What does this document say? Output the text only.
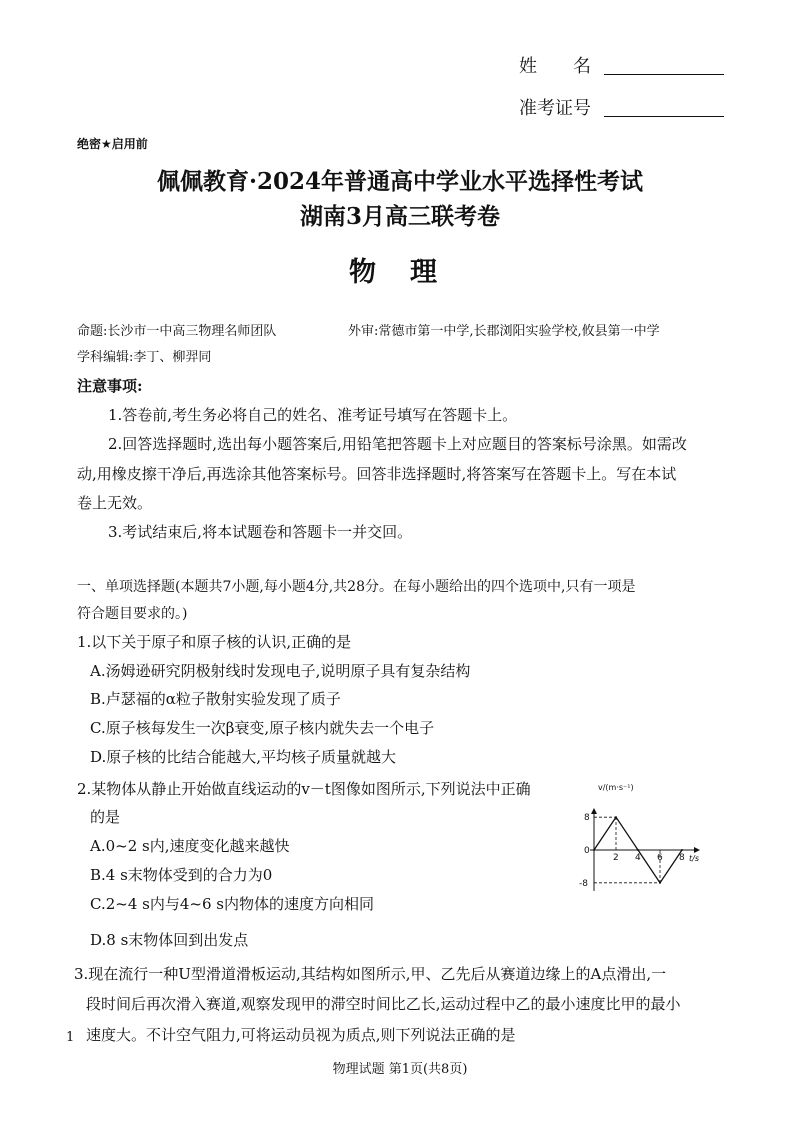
姓　　名
准考证号
绝密★启用前
佩佩教育·2024年普通高中学业水平选择性考试
湖南3月高三联考卷
物理
命题:长沙市一中高三物理名师团队	外审:常德市第一中学,长郡浏阳实验学校,攸县第一中学
学科编辑:李丁、柳羿同
注意事项:
1.答卷前,考生务必将自己的姓名、准考证号填写在答题卡上。
2.回答选择题时,选出每小题答案后,用铅笔把答题卡上对应题目的答案标号涂黑。如需改
动,用橡皮擦干净后,再选涂其他答案标号。回答非选择题时,将答案写在答题卡上。写在本试
卷上无效。
3.考试结束后,将本试题卷和答题卡一并交回。
一、单项选择题(本题共7小题,每小题4分,共28分。在每小题给出的四个选项中,只有一项是
符合题目要求的。)
1.以下关于原子和原子核的认识,正确的是
A.汤姆逊研究阴极射线时发现电子,说明原子具有复杂结构
B.卢瑟福的α粒子散射实验发现了质子
C.原子核每发生一次β衰变,原子核内就失去一个电子
D.原子核的比结合能越大,平均核子质量就越大
2.某物体从静止开始做直线运动的v－t图像如图所示,下列说法中正确
的是
A.0~2 s内,速度变化越来越快
B.4 s末物体受到的合力为0
C.2~4 s内与4~6 s内物体的速度方向相同
D.8 s末物体回到出发点
2 4 6 8
8
0
-8
v/(m·s⁻¹)
t/s
3.现在流行一种U型滑道滑板运动,其结构如图所示,甲、乙先后从赛道边缘上的A点滑出,一
段时间后再次滑入赛道,观察发现甲的滞空时间比乙长,运动过程中乙的最小速度比甲的最小
速度大。不计空气阻力,可将运动员视为质点,则下列说法正确的是
1
物理试题 第1页(共8页)
